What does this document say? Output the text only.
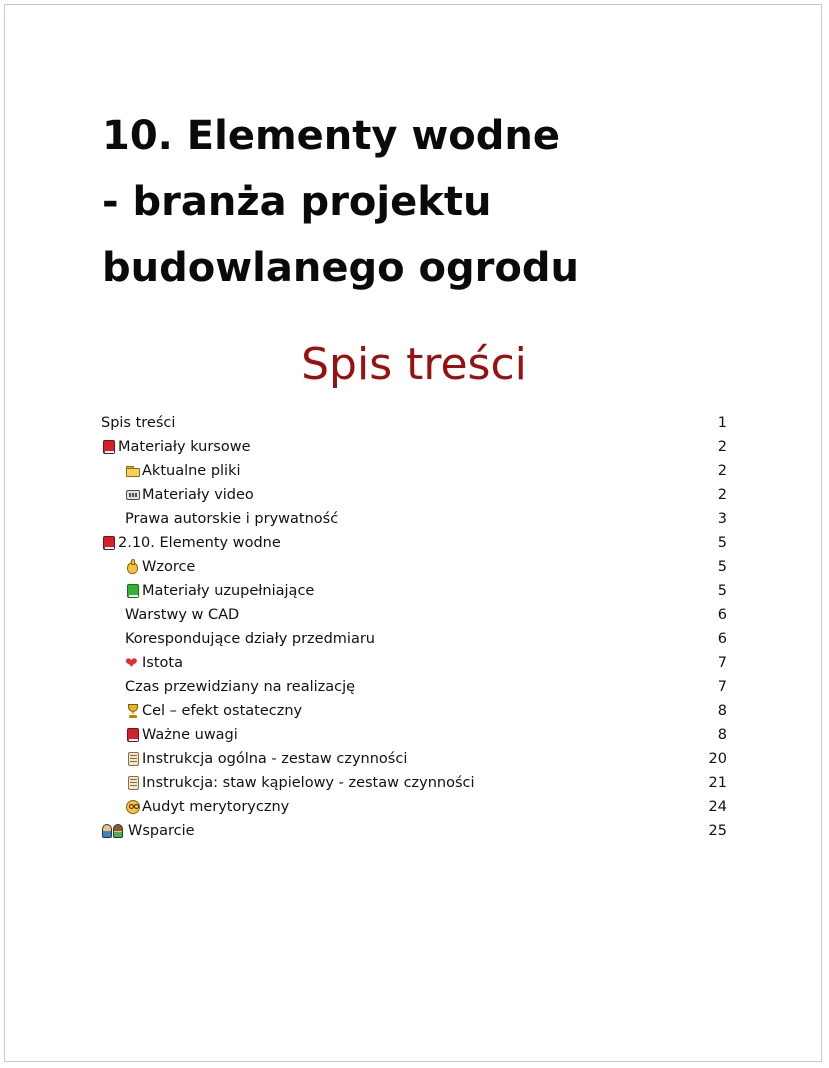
10. Elementy wodne
- branża projektu
budowlanego ogrodu
Spis treści
Spis treści	1
Materiały kursowe	2
Aktualne pliki	2
Materiały video	2
Prawa autorskie i prywatność	3
2.10. Elementy wodne	5
Wzorce	5
Materiały uzupełniające	5
Warstwy w CAD	6
Korespondujące działy przedmiaru	6
❤ Istota	7
Czas przewidziany na realizację	7
Cel – efekt ostateczny	8
Ważne uwagi	8
Instrukcja ogólna - zestaw czynności	20
Instrukcja: staw kąpielowy - zestaw czynności	21
Audyt merytoryczny	24
Wsparcie	25
